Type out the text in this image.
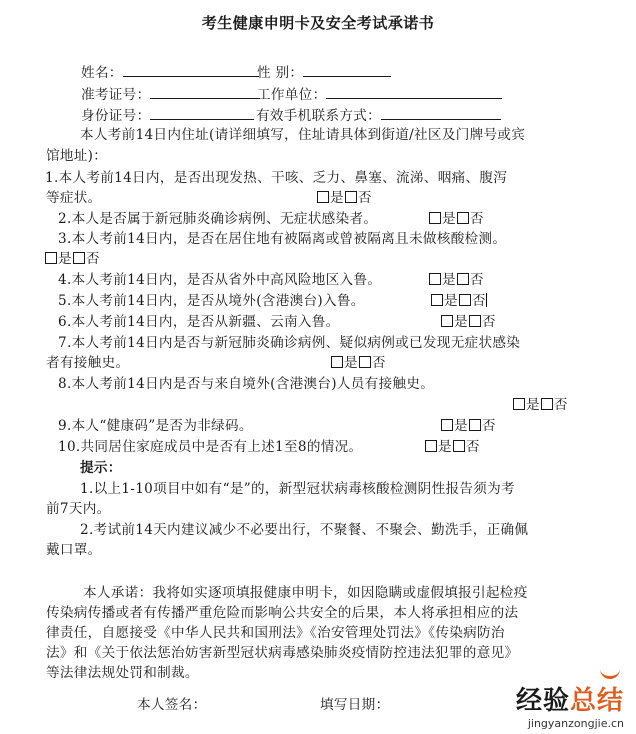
考生健康申明卡及安全考试承诺书
姓名：	性 别：
准考证号：	工作单位：
身份证号：	有效手机联系方式：
本人考前14日内住址(请详细填写，住址请具体到街道/社区及门牌号或宾
馆地址)：
1.本人考前14日内，是否出现发热、干咳、乏力、鼻塞、流涕、咽痛、腹泻
等症状。	是 否
2.本人是否属于新冠肺炎确诊病例、无症状感染者。	是 否
3.本人考前14日内，是否在居住地有被隔离或曾被隔离且未做核酸检测。
是 否
4.本人考前14日内，是否从省外中高风险地区入鲁。	是 否
5.本人考前14日内，是否从境外(含港澳台)入鲁。	是 否
6.本人考前14日内，是否从新疆、云南入鲁。	是 否
7.本人考前14日内是否与新冠肺炎确诊病例、疑似病例或已发现无症状感染
者有接触史。	是 否
8.本人考前14日内是否与来自境外(含港澳台)人员有接触史。
是 否
9.本人“健康码”是否为非绿码。	是 否
10.共同居住家庭成员中是否有上述1至8的情况。	是 否
提示：
1.以上1-10项目中如有“是”的，新型冠状病毒核酸检测阴性报告须为考
前7天内。
2.考试前14天内建议减少不必要出行，不聚餐、不聚会、勤洗手，正确佩
戴口罩。
本人承诺：我将如实逐项填报健康申明卡，如因隐瞒或虚假填报引起检疫
传染病传播或者有传播严重危险而影响公共安全的后果，本人将承担相应的法
律责任，自愿接受《中华人民共和国刑法》《治安管理处罚法》《传染病防治
法》和《关于依法惩治妨害新型冠状病毒感染肺炎疫情防控违法犯罪的意见》
等法律法规处罚和制裁。
本人签名：	填写日期：	经验总结
jingyanzongjie.cn
